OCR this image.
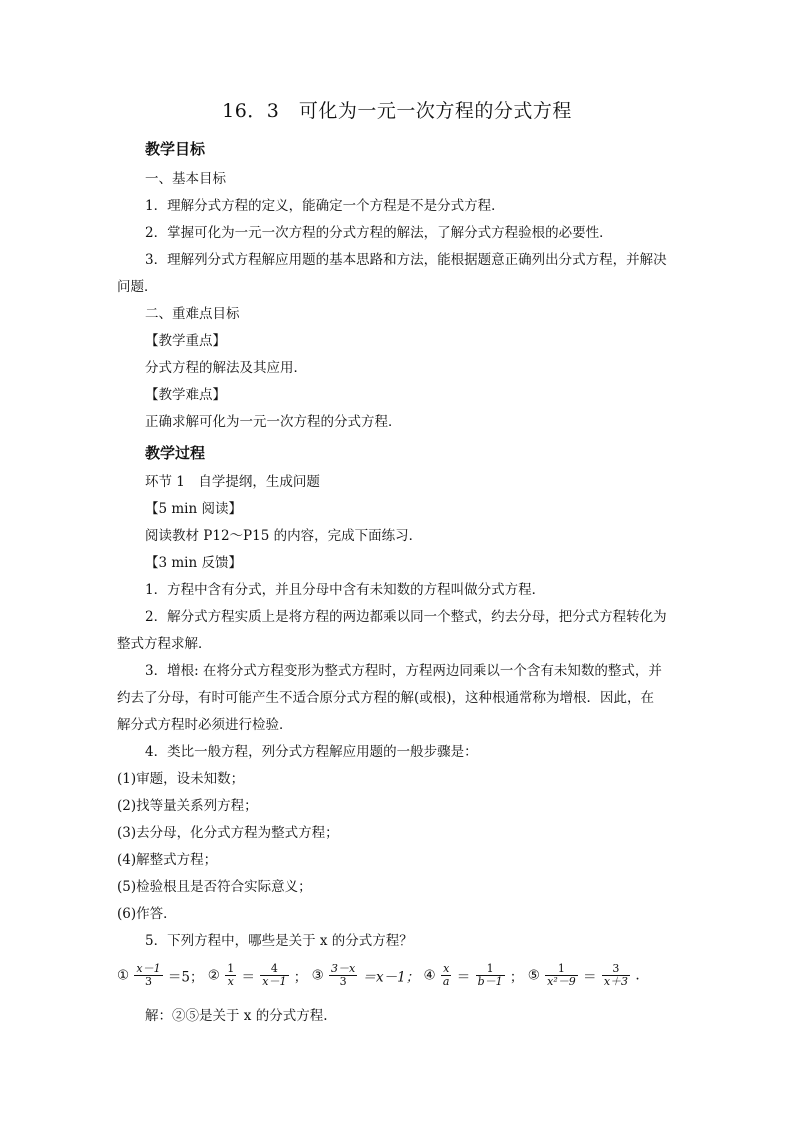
16．3　可化为一元一次方程的分式方程
教学目标
一、基本目标
1．理解分式方程的定义，能确定一个方程是不是分式方程．
2．掌握可化为一元一次方程的分式方程的解法，了解分式方程验根的必要性．
3．理解列分式方程解应用题的基本思路和方法，能根据题意正确列出分式方程，并解决
问题．
二、重难点目标
【教学重点】
分式方程的解法及其应用．
【教学难点】
正确求解可化为一元一次方程的分式方程．
教学过程
环节 1　自学提纲，生成问题
【5 min 阅读】
阅读教材 P12～P15 的内容，完成下面练习．
【3 min 反馈】
1．方程中含有分式，并且分母中含有未知数的方程叫做分式方程．
2．解分式方程实质上是将方程的两边都乘以同一个整式，约去分母，把分式方程转化为
整式方程求解．
3．增根: 在将分式方程变形为整式方程时，方程两边同乘以一个含有未知数的整式，并
约去了分母，有时可能产生不适合原分式方程的解(或根)，这种根通常称为增根．因此，在
解分式方程时必须进行检验．
4．类比一般方程，列分式方程解应用题的一般步骤是：
(1)审题，设未知数；
(2)找等量关系列方程；
(3)去分母，化分式方程为整式方程；
(4)解整式方程；
(5)检验根且是否符合实际意义；
(6)作答．
5．下列方程中，哪些是关于 x 的分式方程？
① $\frac{x-1}{3} =5$； ② $\frac{1}{x} = \frac{4}{x-1}$ ； ③ $\frac{3-x}{3} =x-1$； ④ $\frac{x}{a} = \frac{1}{b-1}$ ； ⑤ $\frac{1}{\text{x²－9}} = \frac{3}{x+3}$ .
解：②⑤是关于 x 的分式方程.
